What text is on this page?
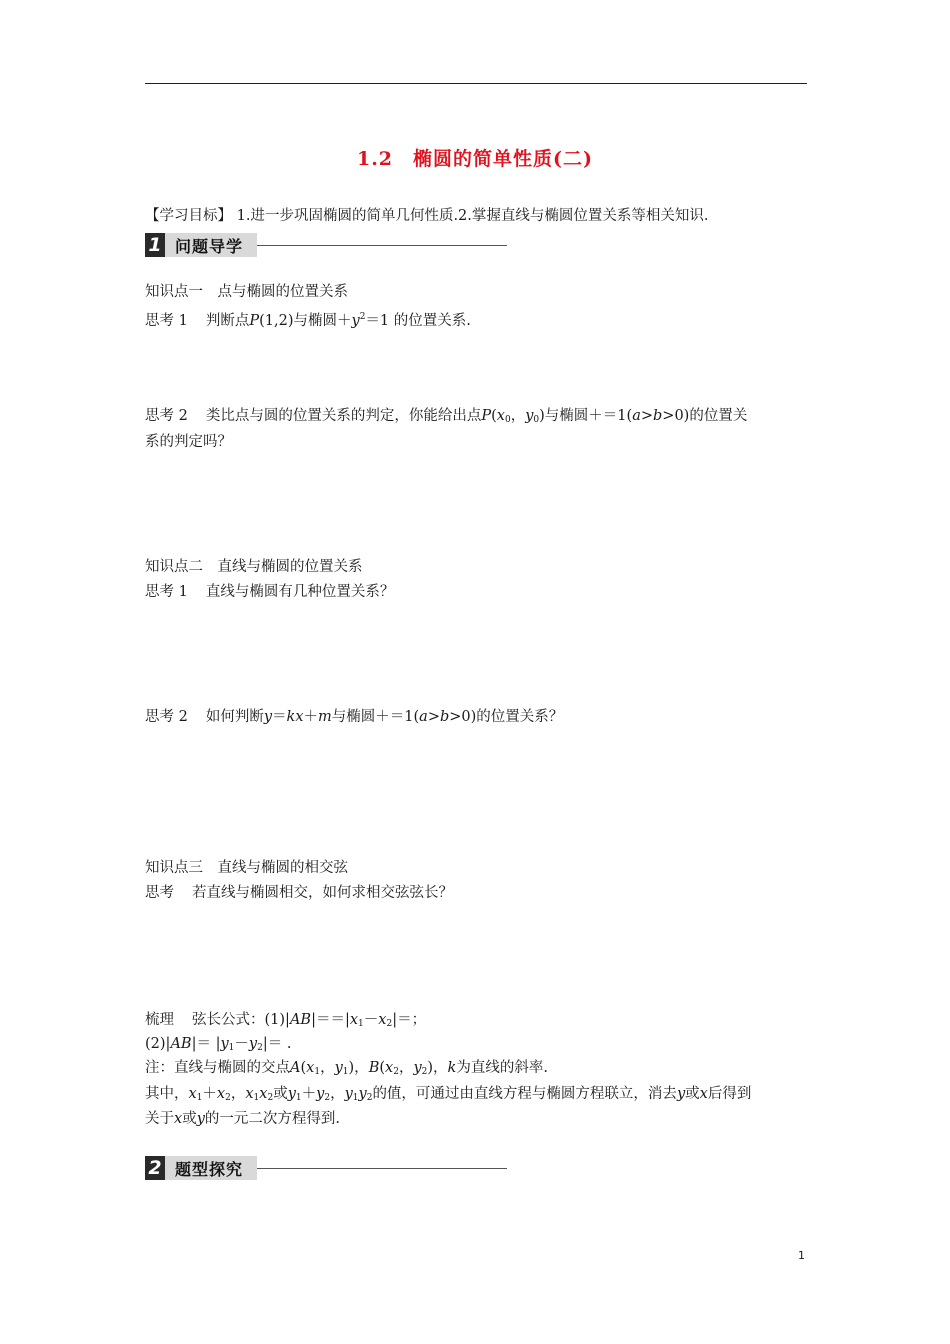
1.2　椭圆的简单性质(二)
【学习目标】 1.进一步巩固椭圆的简单几何性质.2.掌握直线与椭圆位置关系等相关知识.
1 问题导学
知识点一　点与椭圆的位置关系
思考 1 判断点P(1,2)与椭圆$+y^2=1$ 的位置关系.
思考 2 类比点与圆的位置关系的判定，你能给出点$P(x_0$，$y_0$)与椭圆＋＝1(a>b>0)的位置关
系的判定吗？
知识点二　直线与椭圆的位置关系
思考 1 直线与椭圆有几种位置关系？
思考 2 如何判断y＝kx＋m与椭圆＋＝1(a>b>0)的位置关系？
知识点三　直线与椭圆的相交弦
思考 若直线与椭圆相交，如何求相交弦弦长？
梳理 弦长公式：$(1)|AB|==|x_1-x_2|=$；
$(2)|AB|= |y_1-y_2|=$ .
注：直线与椭圆的交点$A(x_1$，$y_1$)，$B(x_2$，$y_2$)，k为直线的斜率.
其中，$x_1+x_2$，$x_1x_2$或$y_1+y_2$，$y_1y_2$的值，可通过由直线方程与椭圆方程联立，消去y或x后得到
关于x或y的一元二次方程得到.
2 题型探究
1
